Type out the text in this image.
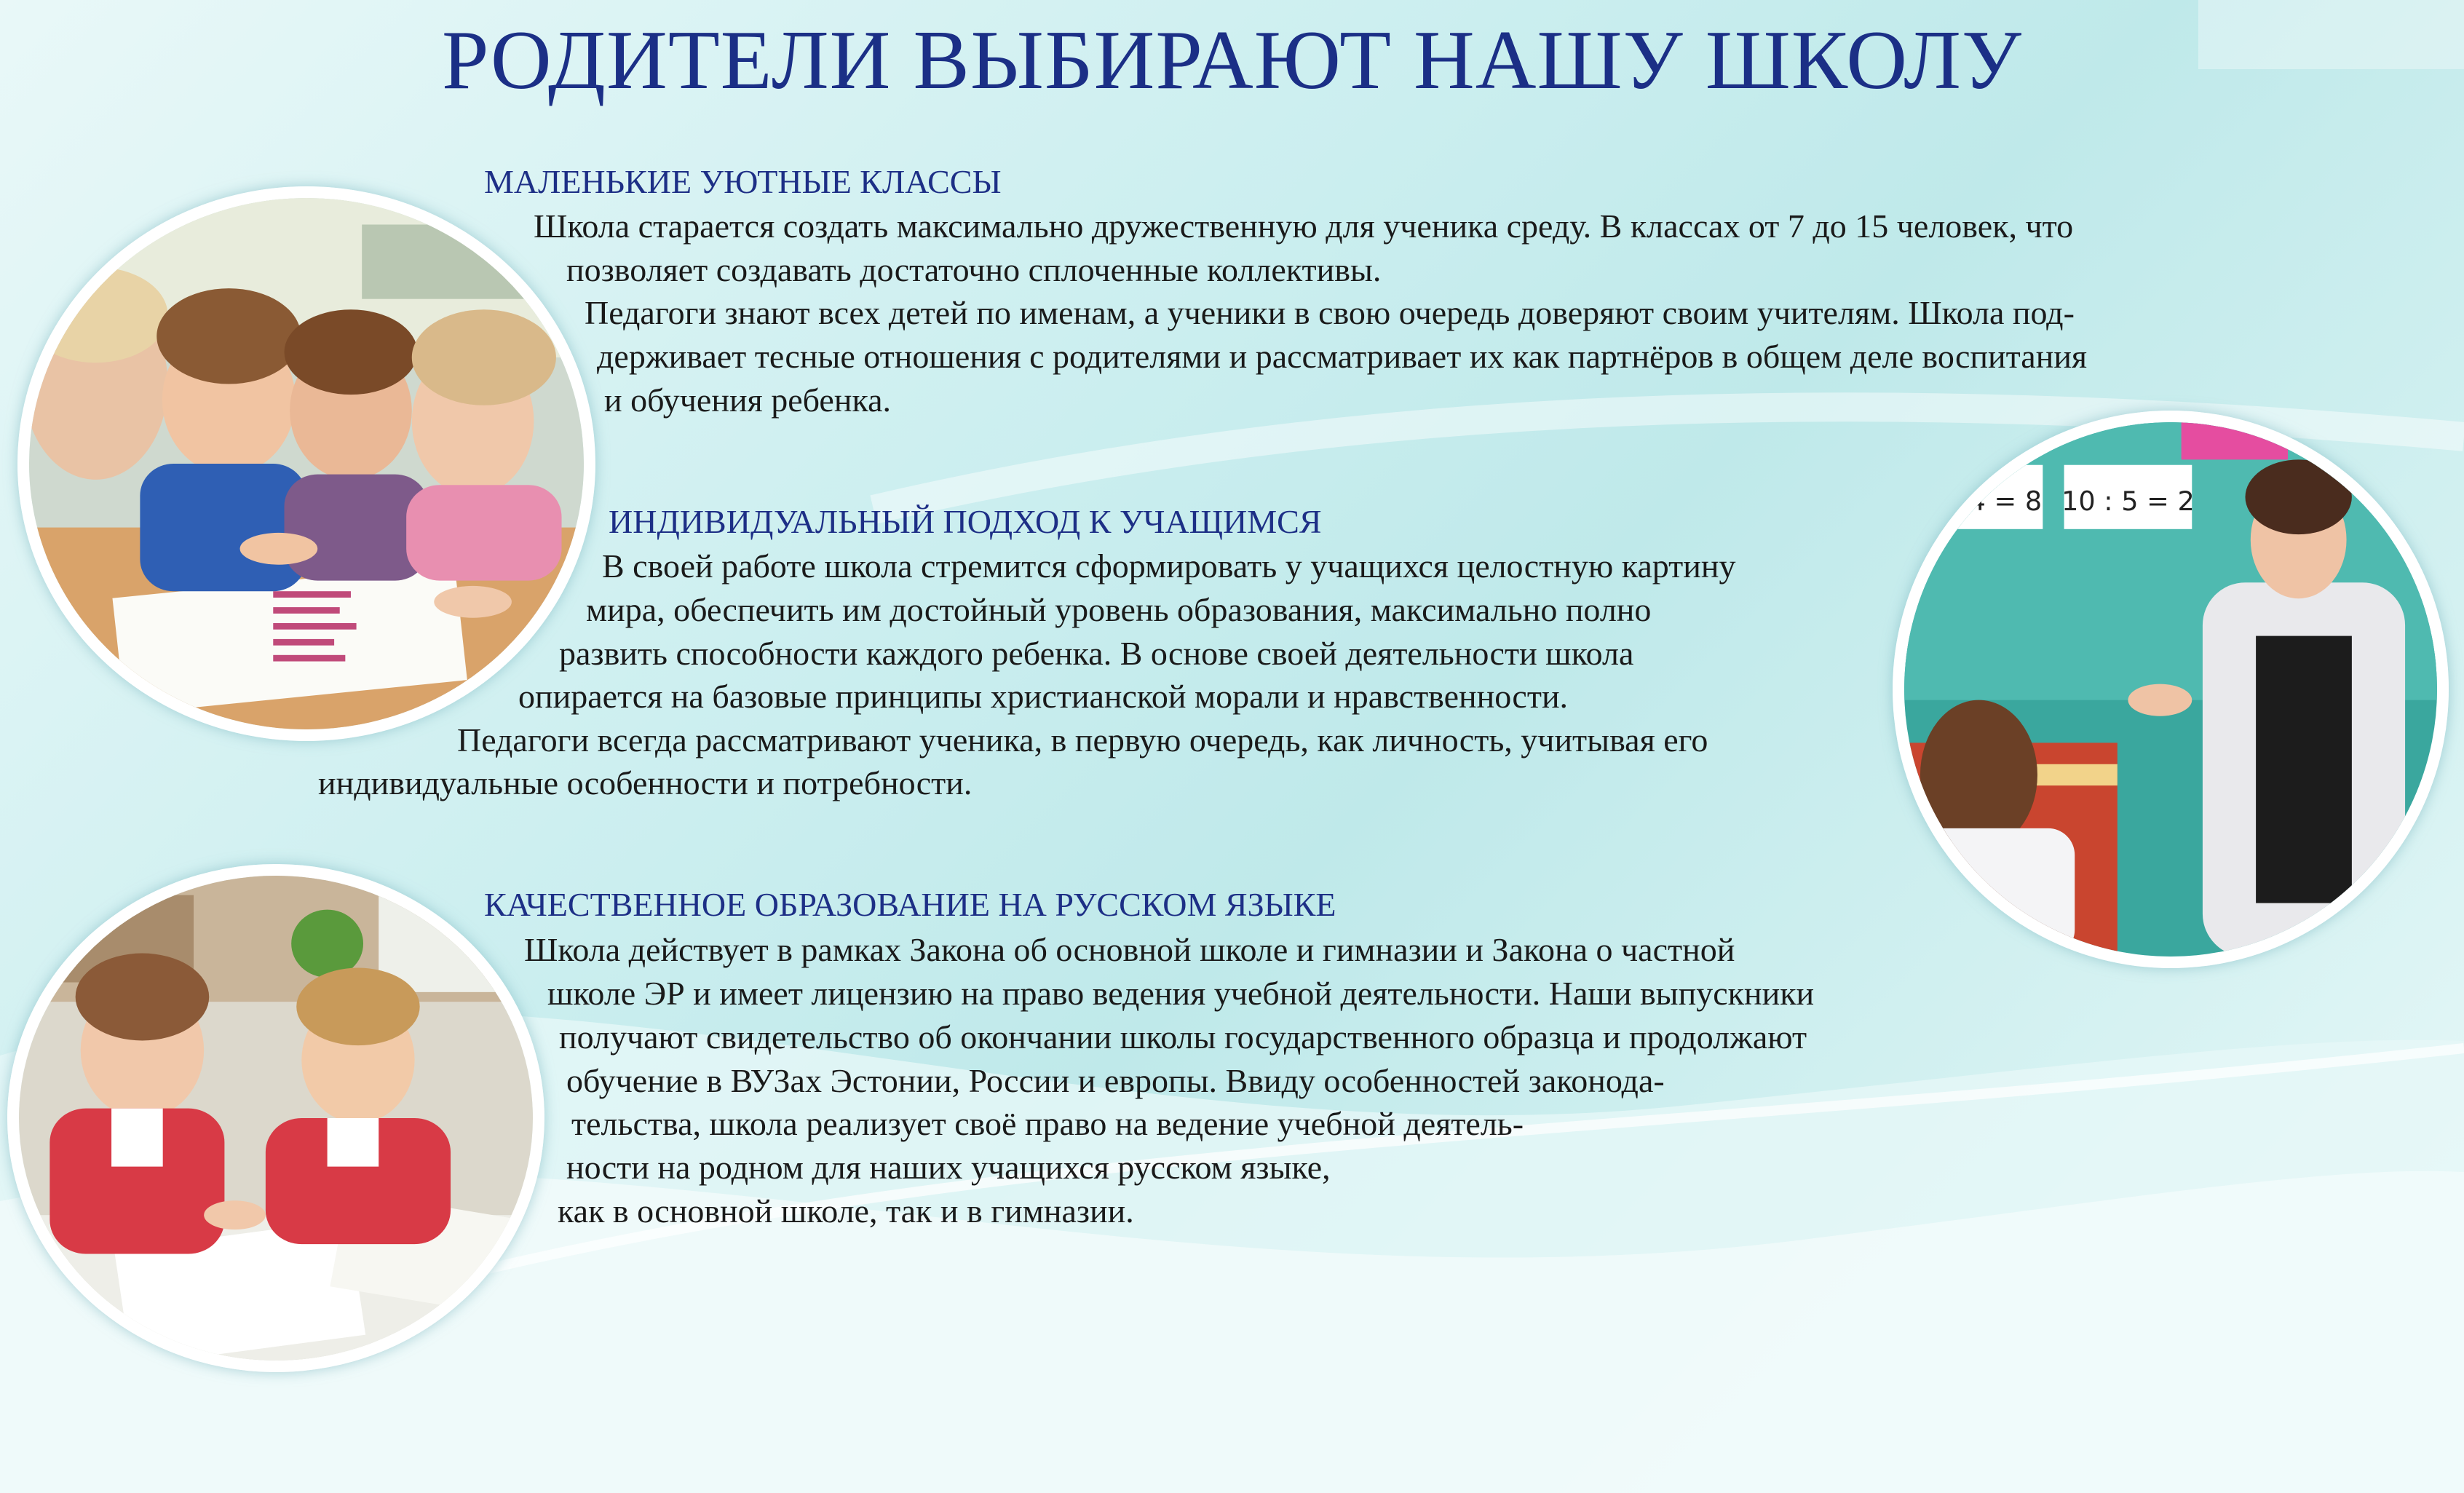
РОДИТЕЛИ ВЫБИРАЮТ НАШУ ШКОЛУ
МАЛЕНЬКИЕ УЮТНЫЕ КЛАССЫ

Школа старается создать максимально дружественную для ученика среду. В классах от 7 до 15 человек, что

позволяет создавать достаточно сплоченные коллективы.

Педагоги знают всех детей по именам, а ученики в свою очередь доверяют своим учителям. Школа под-

держивает тесные отношения с родителями и рассматривает их как партнёров в общем деле воспитания

и обучения ребенка.

ИНДИВИДУАЛЬНЫЙ ПОДХОД К УЧАЩИМСЯ

В своей работе школа стремится сформировать у учащихся целостную картину

мира, обеспечить им достойный уровень образования, максимально полно

развить способности каждого ребенка. В основе своей деятельности школа

опирается на базовые принципы христианской морали и нравственности.

Педагоги всегда рассматривают ученика, в первую очередь, как личность, учитывая его

индивидуальные особенности и потребности.

КАЧЕСТВЕННОЕ ОБРАЗОВАНИЕ НА РУССКОМ ЯЗЫКЕ

Школа действует в рамках Закона об основной школе и гимназии и Закона о частной

школе ЭР и имеет лицензию на право ведения учебной деятельности. Наши выпускники

получают свидетельство об окончании школы государственного образца и продолжают

обучение в ВУЗах Эстонии, России и европы. Ввиду особенностей законода-

тельства, школа реализует своё право на ведение учебной деятель-

ности на родном для наших учащихся русском языке,

как в основной школе, так и в гимназии.

2 · 4 = 8	10 : 5 = 2
